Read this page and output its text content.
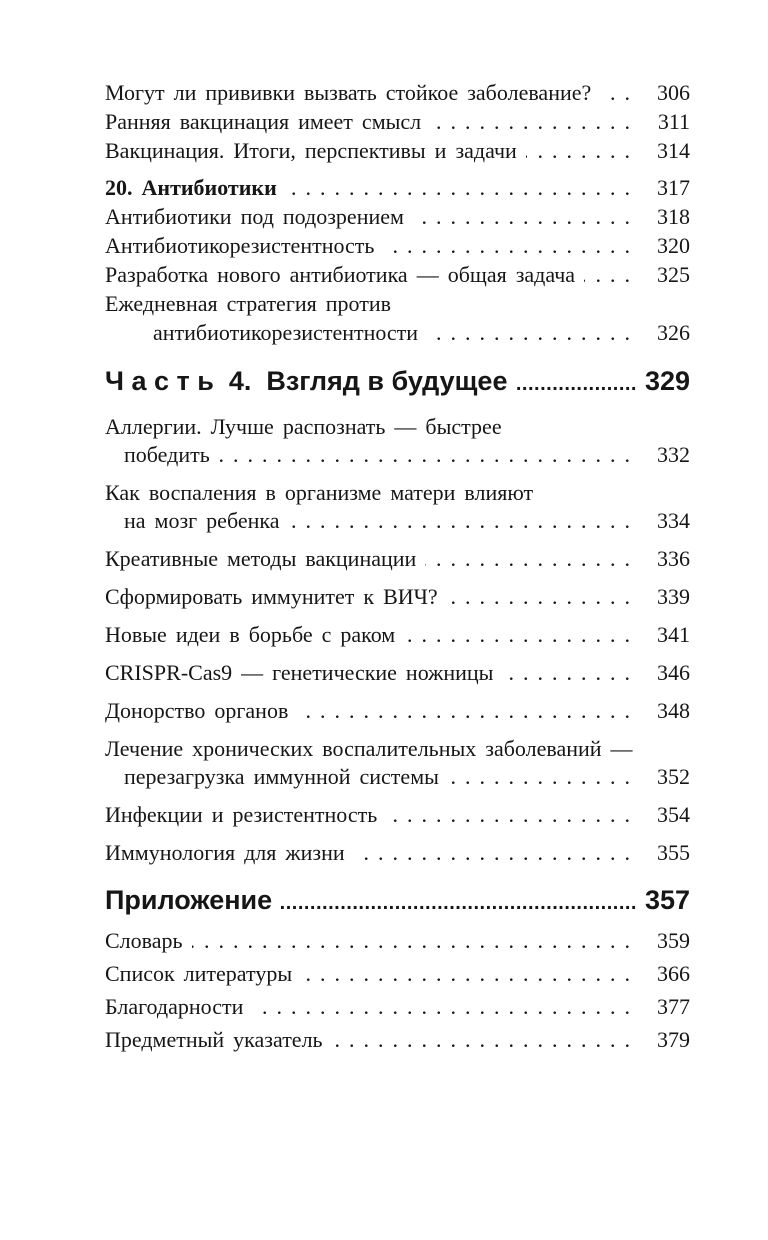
Могут ли прививки вызвать стойкое заболевание? . . .	306
Ранняя вакцинация имеет смысл . . .	311
Вакцинация. Итоги, перспективы и задачи . . .	314
20. Антибиотики . . .	317
Антибиотики под подозрением . . .	318
Антибиотикорезистентность . . .	320
Разработка нового антибиотика — общая задача . . .	325
Ежедневная стратегия против
антибиотикорезистентности . . .	326
Ч а с т ь  4.  Взгляд в будущее .....	329
Аллергии. Лучше распознать — быстрее
победить . . .	332
Как воспаления в организме матери влияют
на мозг ребенка . . .	334
Креативные методы вакцинации . . .	336
Сформировать иммунитет к ВИЧ? . . .	339
Новые идеи в борьбе с раком . . .	341
CRISPR-Cas9 — генетические ножницы . . .	346
Донорство органов . . .	348
Лечение хронических воспалительных заболеваний —
перезагрузка иммунной системы . . .	352
Инфекции и резистентность . . .	354
Иммунология для жизни . . .	355
Приложение .....	357
Словарь . . .	359
Список литературы . . .	366
Благодарности . . .	377
Предметный указатель . . .	379
